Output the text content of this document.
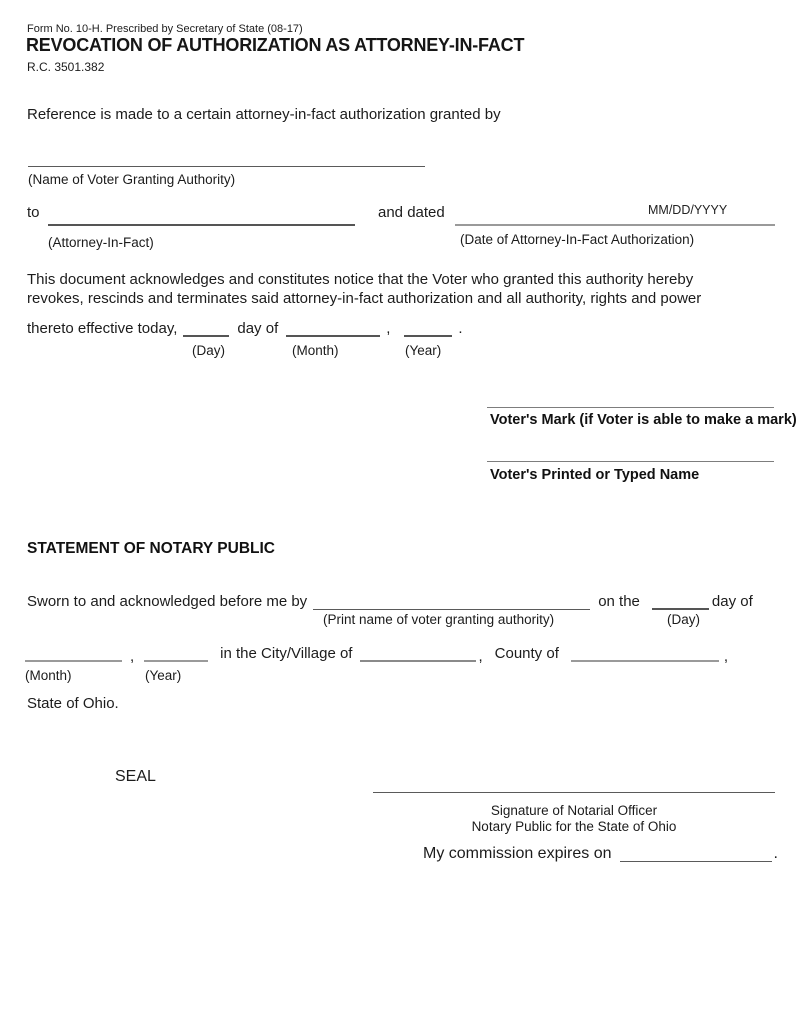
Form No. 10-H. Prescribed by Secretary of State (08-17)
REVOCATION OF AUTHORIZATION AS ATTORNEY-IN-FACT
R.C. 3501.382
Reference is made to a certain attorney-in-fact authorization granted by
(Name of Voter Granting Authority)
to	and dated	MM/DD/YYYY
(Attorney-In-Fact)	(Date of Attorney-In-Fact Authorization)
This document acknowledges and constitutes notice that the Voter who granted this authority hereby
revokes, rescinds and terminates said attorney-in-fact authorization and all authority, rights and power
thereto effective today,	day of	,	.
(Day)	(Month)	(Year)
Voter's Mark (if Voter is able to make a mark)
Voter's Printed or Typed Name
STATEMENT OF NOTARY PUBLIC
Sworn to and acknowledged before me by	on the	day of
(Print name of voter granting authority)	(Day)
,	in the City/Village of	, County of	,
(Month)	(Year)
State of Ohio.
SEAL
Signature of Notarial Officer
Notary Public for the State of Ohio
My commission expires on	.
